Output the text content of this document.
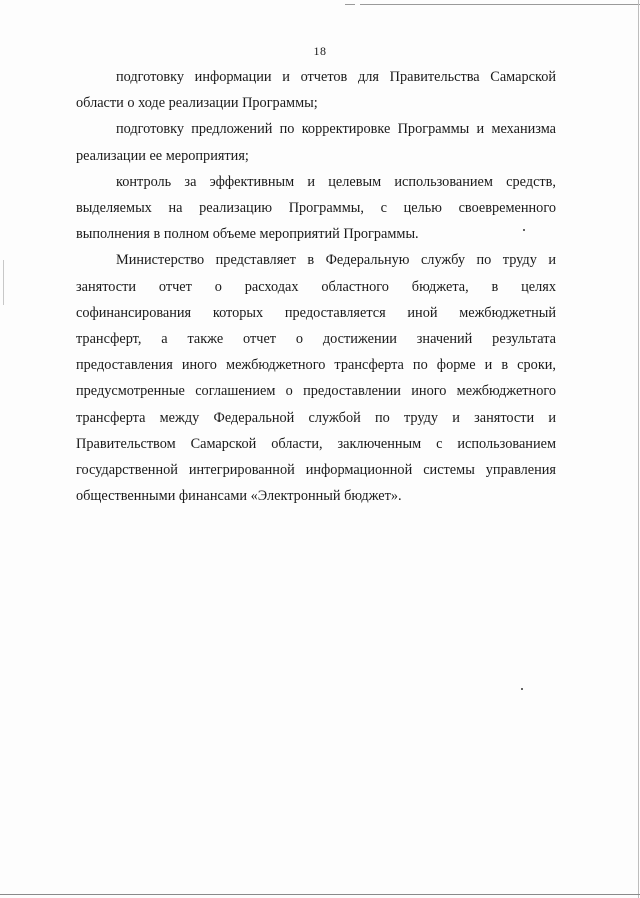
18
подготовку информации и отчетов для Правительства Самарской
области о ходе реализации Программы;
подготовку предложений по корректировке Программы и механизма
реализации ее мероприятия;
контроль за эффективным и целевым использованием средств,
выделяемых на реализацию Программы, с целью своевременного
выполнения в полном объеме мероприятий Программы.
Министерство представляет в Федеральную службу по труду и
занятости отчет о расходах областного бюджета, в целях
софинансирования которых предоставляется иной межбюджетный
трансферт, а также отчет о достижении значений результата
предоставления иного межбюджетного трансферта по форме и в сроки,
предусмотренные соглашением о предоставлении иного межбюджетного
трансферта между Федеральной службой по труду и занятости и
Правительством Самарской области, заключенным с использованием
государственной интегрированной информационной системы управления
общественными финансами «Электронный бюджет».
